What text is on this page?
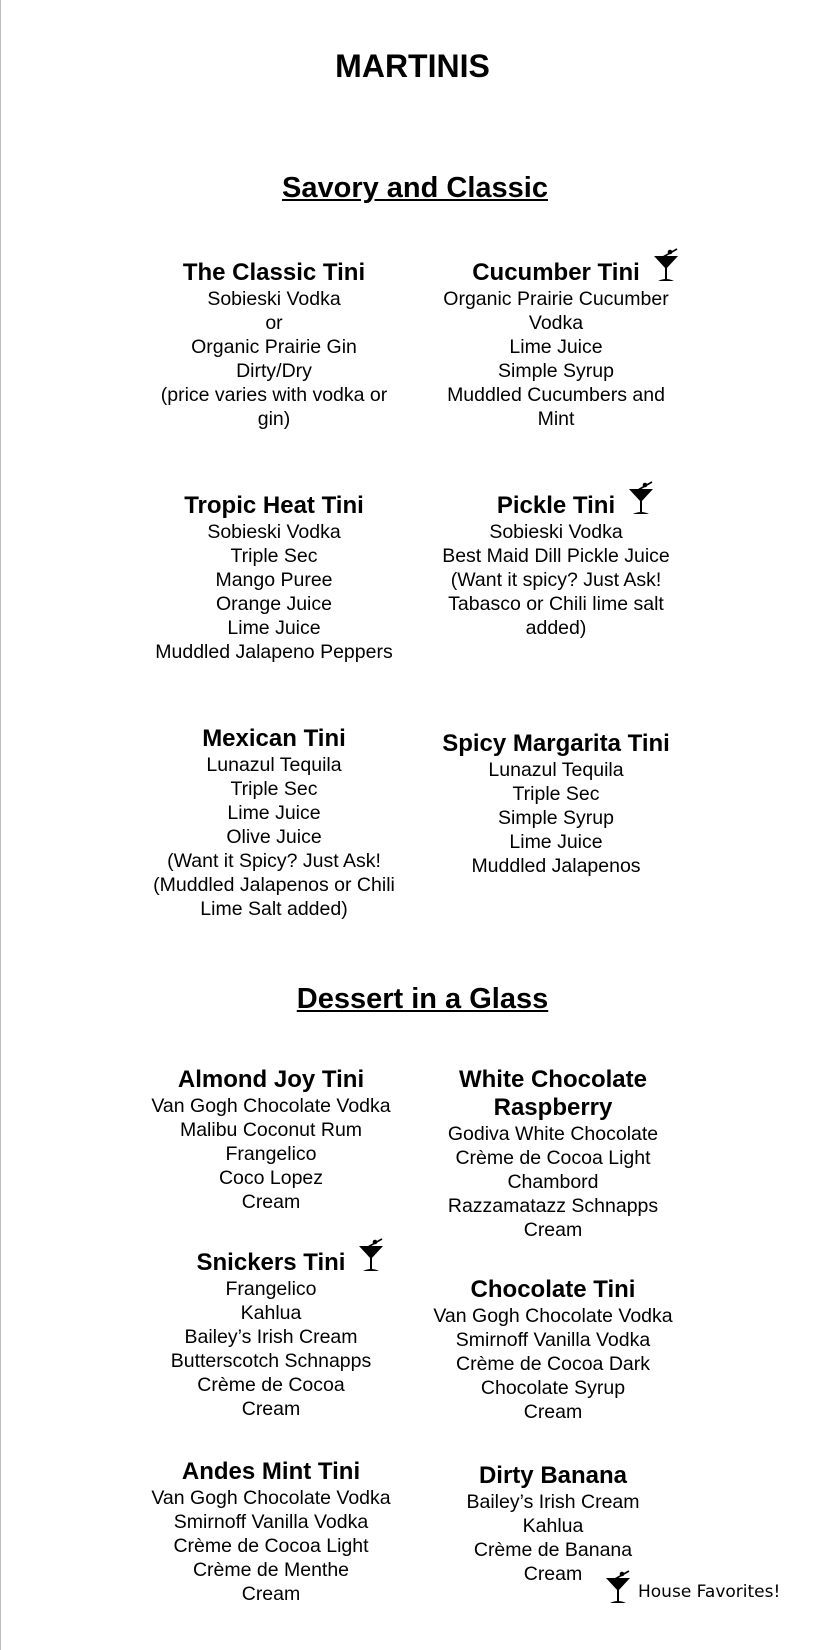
MARTINIS
Savory and Classic
Dessert in a Glass
The Classic Tini
Sobieski Vodka
or
Organic Prairie Gin
Dirty/Dry
(price varies with vodka or
gin)
Cucumber Tini
Organic Prairie Cucumber
Vodka
Lime Juice
Simple Syrup
Muddled Cucumbers and
Mint
Tropic Heat Tini
Sobieski Vodka
Triple Sec
Mango Puree
Orange Juice
Lime Juice
Muddled Jalapeno Peppers
Pickle Tini
Sobieski Vodka
Best Maid Dill Pickle Juice
(Want it spicy? Just Ask!
Tabasco or Chili lime salt
added)
Mexican Tini
Lunazul Tequila
Triple Sec
Lime Juice
Olive Juice
(Want it Spicy? Just Ask!
(Muddled Jalapenos or Chili
Lime Salt added)
Spicy Margarita Tini
Lunazul Tequila
Triple Sec
Simple Syrup
Lime Juice
Muddled Jalapenos
Almond Joy Tini
Van Gogh Chocolate Vodka
Malibu Coconut Rum
Frangelico
Coco Lopez
Cream
White Chocolate Raspberry
Godiva White Chocolate
Crème de Cocoa Light
Chambord
Razzamatazz Schnapps
Cream
Snickers Tini
Frangelico
Kahlua
Bailey’s Irish Cream
Butterscotch Schnapps
Crème de Cocoa
Cream
Chocolate Tini
Van Gogh Chocolate Vodka
Smirnoff Vanilla Vodka
Crème de Cocoa Dark
Chocolate Syrup
Cream
Andes Mint Tini
Van Gogh Chocolate Vodka
Smirnoff Vanilla Vodka
Crème de Cocoa Light
Crème de Menthe
Cream
Dirty Banana
Bailey’s Irish Cream
Kahlua
Crème de Banana
Cream
House Favorites!
